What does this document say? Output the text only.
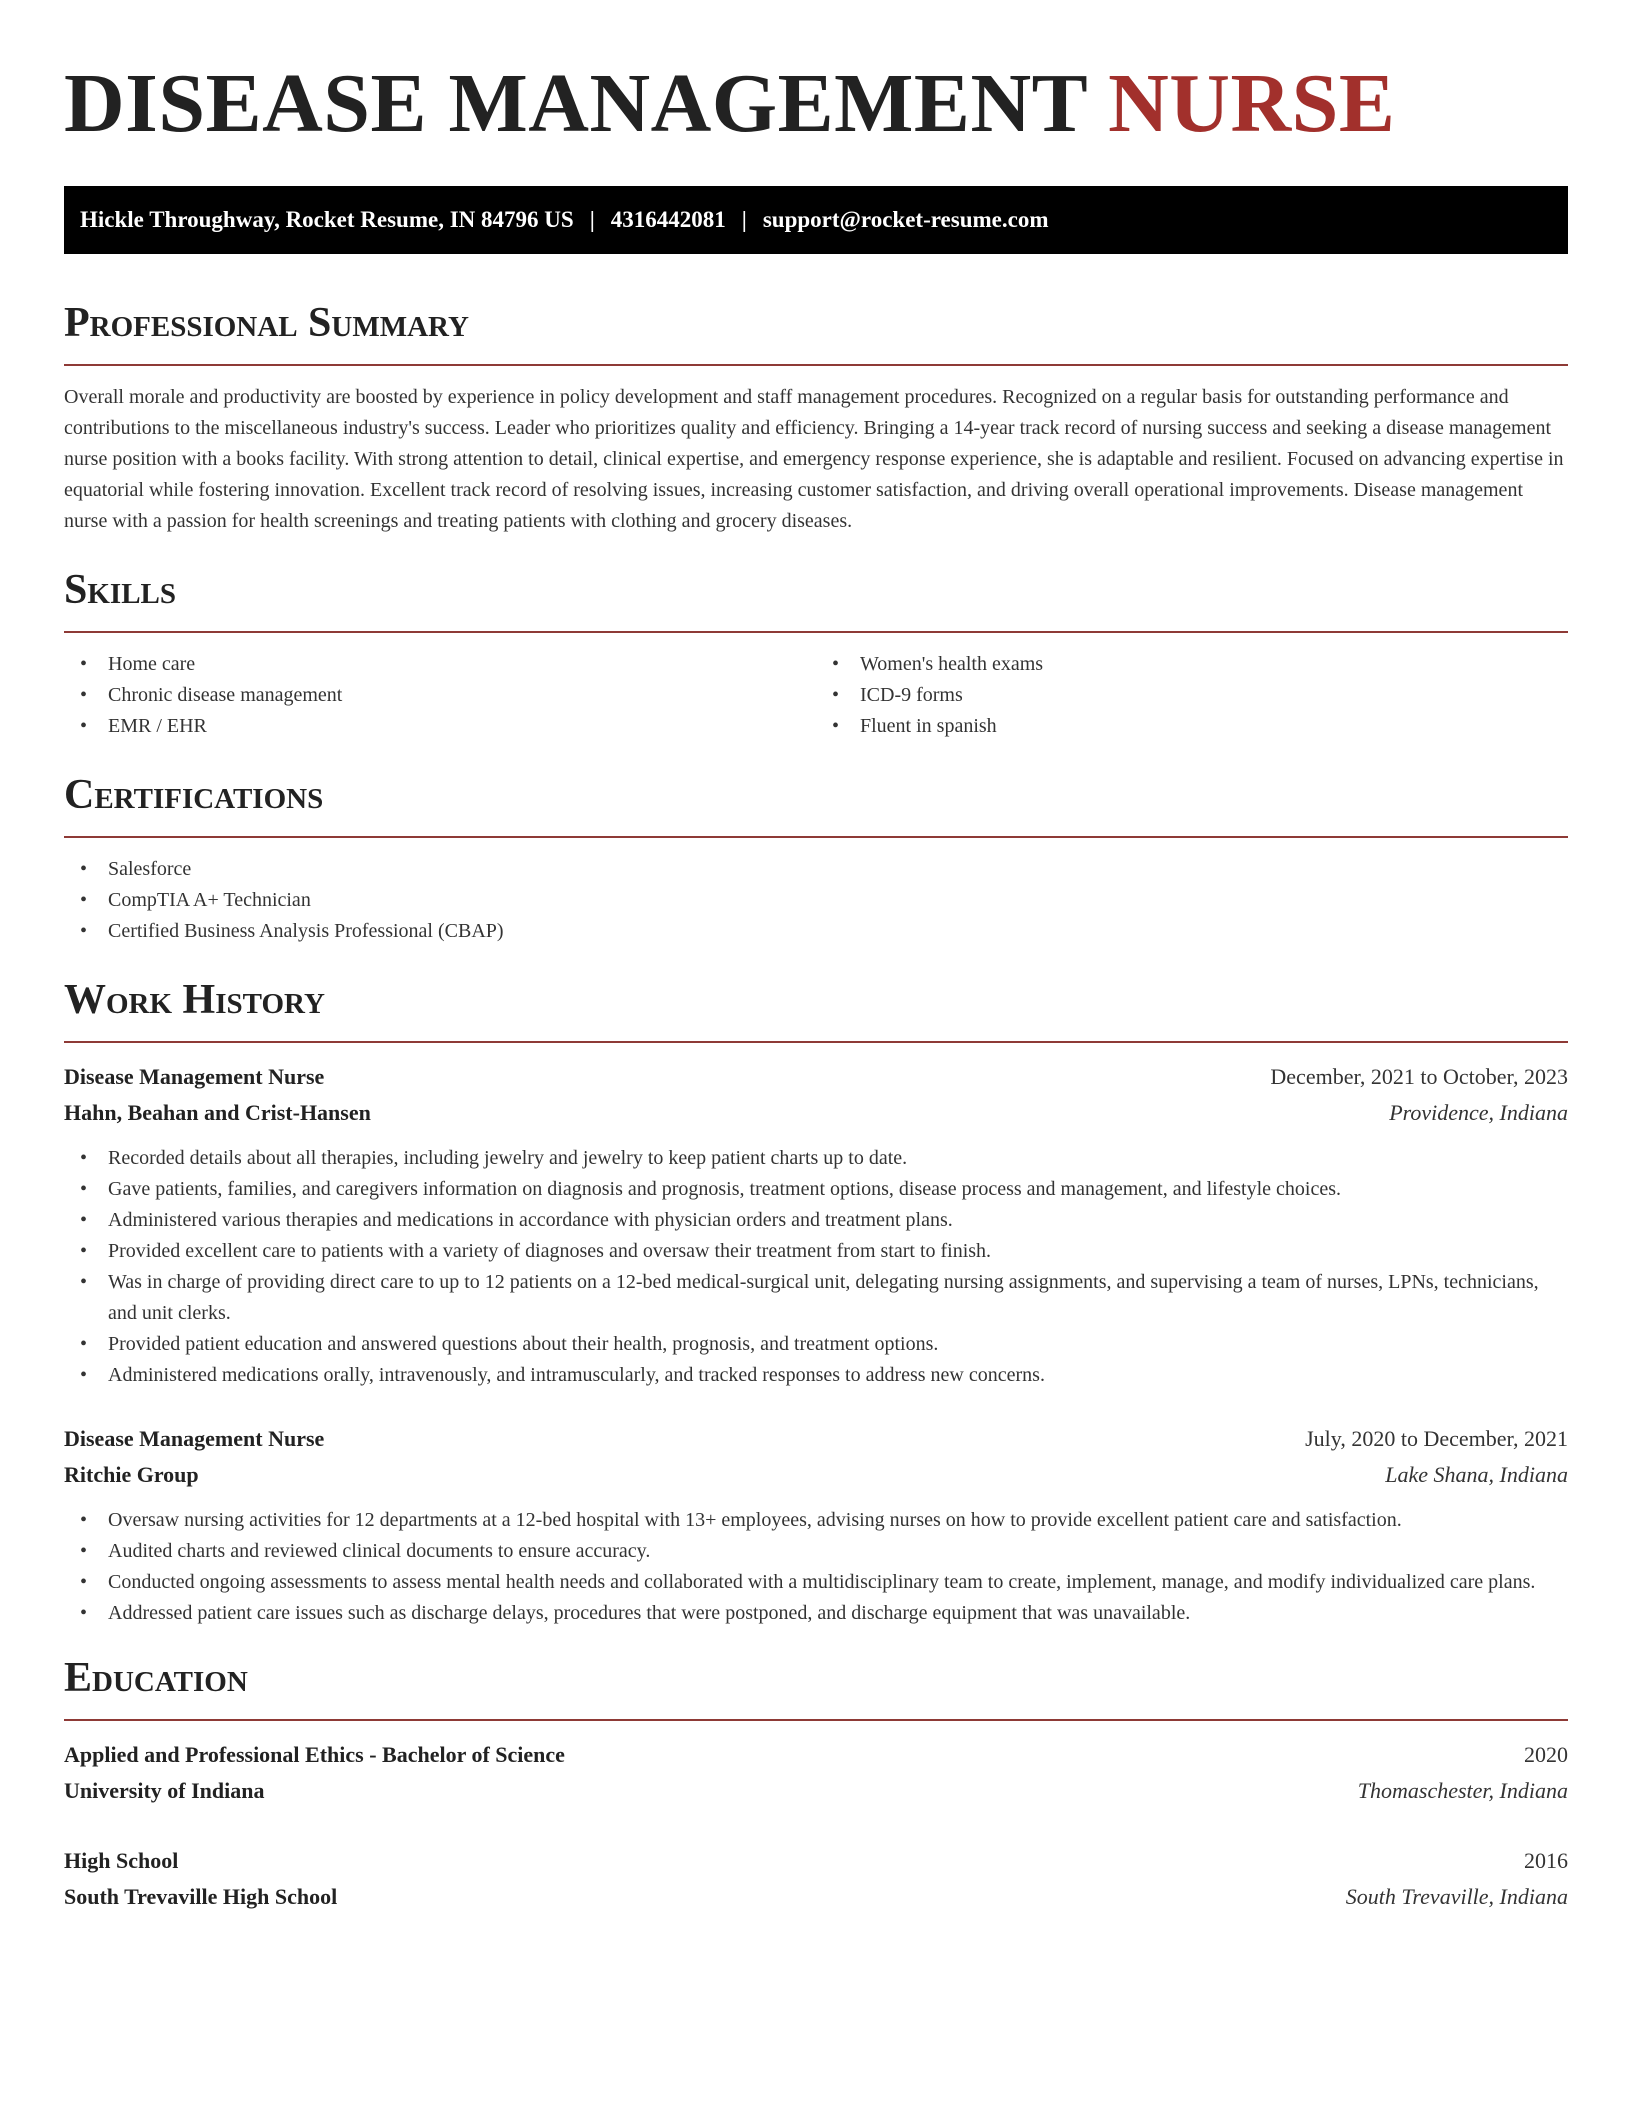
DISEASE MANAGEMENT NURSE
Hickle Throughway, Rocket Resume, IN 84796 US | 4316442081 | support@rocket-resume.com
Professional Summary

Overall morale and productivity are boosted by experience in policy development and staff management procedures. Recognized on a regular basis for outstanding performance and contributions to the miscellaneous industry's success. Leader who prioritizes quality and efficiency. Bringing a 14-year track record of nursing success and seeking a disease management nurse position with a books facility. With strong attention to detail, clinical expertise, and emergency response experience, she is adaptable and resilient. Focused on advancing expertise in equatorial while fostering innovation. Excellent track record of resolving issues, increasing customer satisfaction, and driving overall operational improvements. Disease management nurse with a passion for health screenings and treating patients with clothing and grocery diseases.

Skills
• Home care
• Chronic disease management
• EMR / EHR
• Women's health exams
• ICD-9 forms
• Fluent in spanish
Certifications
• Salesforce
• CompTIA A+ Technician
• Certified Business Analysis Professional (CBAP)
Work History
Disease Management Nurse	December, 2021 to October, 2023
Hahn, Beahan and Crist-Hansen	Providence, Indiana
• Recorded details about all therapies, including jewelry and jewelry to keep patient charts up to date.
• Gave patients, families, and caregivers information on diagnosis and prognosis, treatment options, disease process and management, and lifestyle choices.
• Administered various therapies and medications in accordance with physician orders and treatment plans.
• Provided excellent care to patients with a variety of diagnoses and oversaw their treatment from start to finish.
• Was in charge of providing direct care to up to 12 patients on a 12-bed medical-surgical unit, delegating nursing assignments, and supervising a team of nurses, LPNs, technicians, and unit clerks.
• Provided patient education and answered questions about their health, prognosis, and treatment options.
• Administered medications orally, intravenously, and intramuscularly, and tracked responses to address new concerns.
Disease Management Nurse	July, 2020 to December, 2021
Ritchie Group	Lake Shana, Indiana
• Oversaw nursing activities for 12 departments at a 12-bed hospital with 13+ employees, advising nurses on how to provide excellent patient care and satisfaction.
• Audited charts and reviewed clinical documents to ensure accuracy.
• Conducted ongoing assessments to assess mental health needs and collaborated with a multidisciplinary team to create, implement, manage, and modify individualized care plans.
• Addressed patient care issues such as discharge delays, procedures that were postponed, and discharge equipment that was unavailable.
Education
Applied and Professional Ethics - Bachelor of Science	2020
University of Indiana	Thomaschester, Indiana
High School	2016
South Trevaville High School	South Trevaville, Indiana
